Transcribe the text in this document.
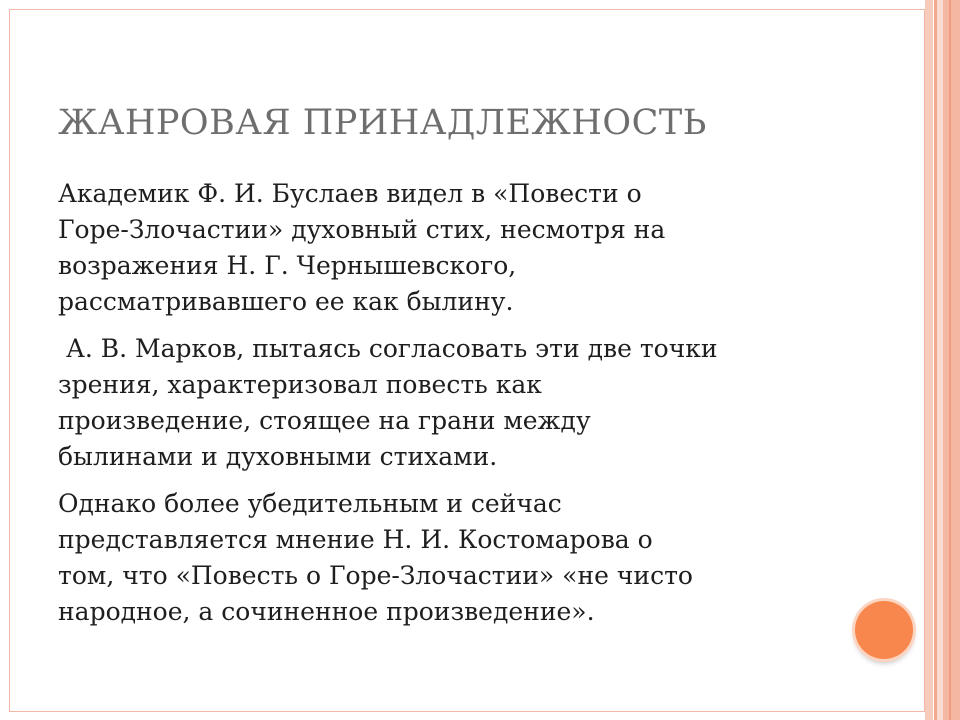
ЖАНРОВАЯ ПРИНАДЛЕЖНОСТЬ

Академик Ф. И. Буслаев видел в «Повести о
Горе-Злочастии» духовный стих, несмотря на
возражения Н. Г. Чернышевского,
рассматривавшего ее как былину.

А. В. Марков, пытаясь согласовать эти две точки
зрения, характеризовал повесть как
произведение, стоящее на грани между
былинами и духовными стихами.

Однако более убедительным и сейчас
представляется мнение Н. И. Костомарова о
том, что «Повесть о Горе-Злочастии» «не чисто
народное, а сочиненное произведение».
